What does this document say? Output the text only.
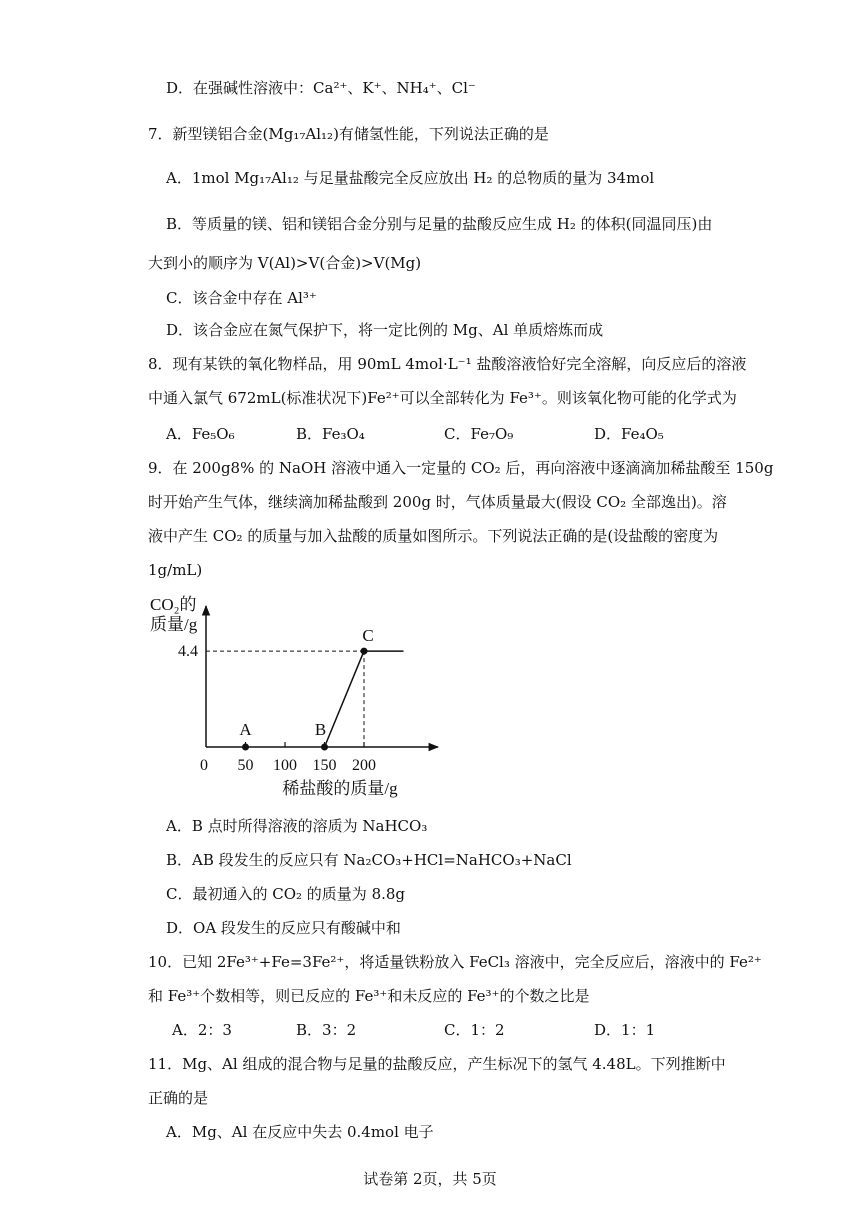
D．在强碱性溶液中：Ca²⁺、K⁺、NH₄⁺、Cl⁻
7．新型镁铝合金(Mg₁₇Al₁₂)有储氢性能，下列说法正确的是
A．1mol Mg₁₇Al₁₂ 与足量盐酸完全反应放出 H₂ 的总物质的量为 34mol
B．等质量的镁、铝和镁铝合金分别与足量的盐酸反应生成 H₂ 的体积(同温同压)由
大到小的顺序为 V(Al)>V(合金)>V(Mg)
C．该合金中存在 Al³⁺
D．该合金应在氮气保护下，将一定比例的 Mg、Al 单质熔炼而成
8．现有某铁的氧化物样品，用 90mL 4mol·L⁻¹ 盐酸溶液恰好完全溶解，向反应后的溶液
中通入氯气 672mL(标准状况下)Fe²⁺可以全部转化为 Fe³⁺。则该氧化物可能的化学式为
A．Fe₅O₆	B．Fe₃O₄	C．Fe₇O₉	D．Fe₄O₅
9．在 200g8% 的 NaOH 溶液中通入一定量的 CO₂ 后，再向溶液中逐滴滴加稀盐酸至 150g
时开始产生气体，继续滴加稀盐酸到 200g 时，气体质量最大(假设 CO₂ 全部逸出)。溶
液中产生 CO₂ 的质量与加入盐酸的质量如图所示。下列说法正确的是(设盐酸的密度为
1g/mL)
CO₂的
质量/g
50 100 150 200
A	B
C
0
4.4
稀盐酸的质量/g
A．B 点时所得溶液的溶质为 NaHCO₃
B．AB 段发生的反应只有 Na₂CO₃+HCl=NaHCO₃+NaCl
C．最初通入的 CO₂ 的质量为 8.8g
D．OA 段发生的反应只有酸碱中和
10．已知 2Fe³⁺+Fe=3Fe²⁺，将适量铁粉放入 FeCl₃ 溶液中，完全反应后，溶液中的 Fe²⁺
和 Fe³⁺个数相等，则已反应的 Fe³⁺和未反应的 Fe³⁺的个数之比是
A．2：3	B．3：2	C．1：2	D．1：1
11．Mg、Al 组成的混合物与足量的盐酸反应，产生标况下的氢气 4.48L。下列推断中
正确的是
A．Mg、Al 在反应中失去 0.4mol 电子
试卷第 2页，共 5页
